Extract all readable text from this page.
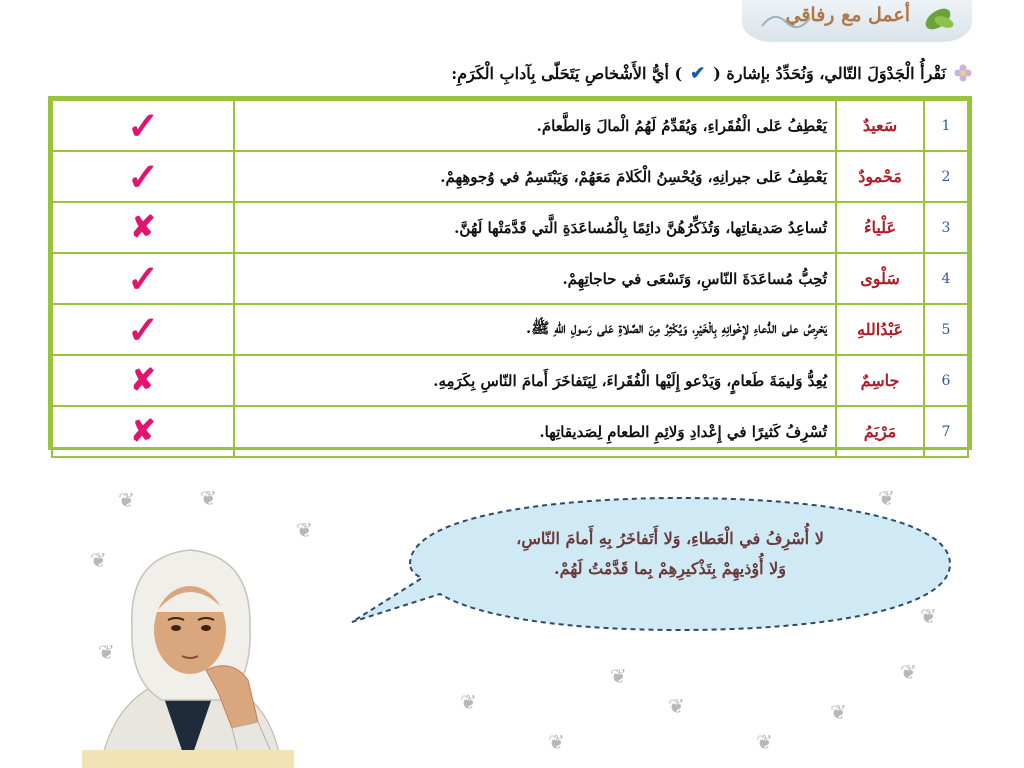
أعمل مع رفاقي
نَقْرأُ الْجَدْوَلَ التّالي، وَنُحَدِّدُ بإشارة (
✔
) أيُّ الأَشْخاصِ يَتَحَلّى بِآدابِ الْكَرَمِ:
1	سَعيدٌ	يَعْطِفُ عَلى الْفُقَراءِ، وَيُقَدِّمُ لَهُمُ الْمالَ وَالطَّعامَ.	✓
2	مَحْمودٌ	يَعْطِفُ عَلى جيرانِهِ، وَيُحْسِنُ الْكَلامَ مَعَهُمْ، وَيَبْتَسِمُ في وُجوهِهِمْ.	✓
3	عَلْياءُ	تُساعِدُ صَديقاتِها، وَتُذَكِّرُهُنَّ دائِمًا بِالْمُساعَدَةِ الَّتي قَدَّمَتْها لَهُنَّ.	✘
4	سَلْوى	تُحِبُّ مُساعَدَةَ النّاسِ، وَتَسْعَى في حاجاتِهِمْ.	✓
5	عَبْدُاللهِ	يَحْرِصُ على الدُّعاءِ لإِخْوانِهِ بِالْخَيْرِ، وَيُكْثِرُ مِنَ الصَّلاةِ عَلى رَسولِ اللهِ ﷺ.	✓
6	جاسِمٌ	يُعِدُّ وَليمَةَ طَعامٍ، وَيَدْعو إِلَيْها الْفُقَراءَ، لِيَتَفاخَرَ أَمامَ النّاسِ بِكَرَمِهِ.	✘
7	مَرْيَمُ	تُسْرِفُ كَثيرًا في إِعْدادِ وَلائِمِ الطعامِ لِصَديقاتِها.	✘
❦	❦
❦
❦
❦
❦
❦
❦
❦
❦
❦	❦
❦	❦
لا أُسْرِفُ في الْعَطاءِ، وَلا أَتَفاخَرُ بِهِ أَمامَ النّاسِ،
وَلا أُوْذيهِمْ بِتَذْكيرِهِمْ بِما قَدَّمْتُ لَهُمْ.
